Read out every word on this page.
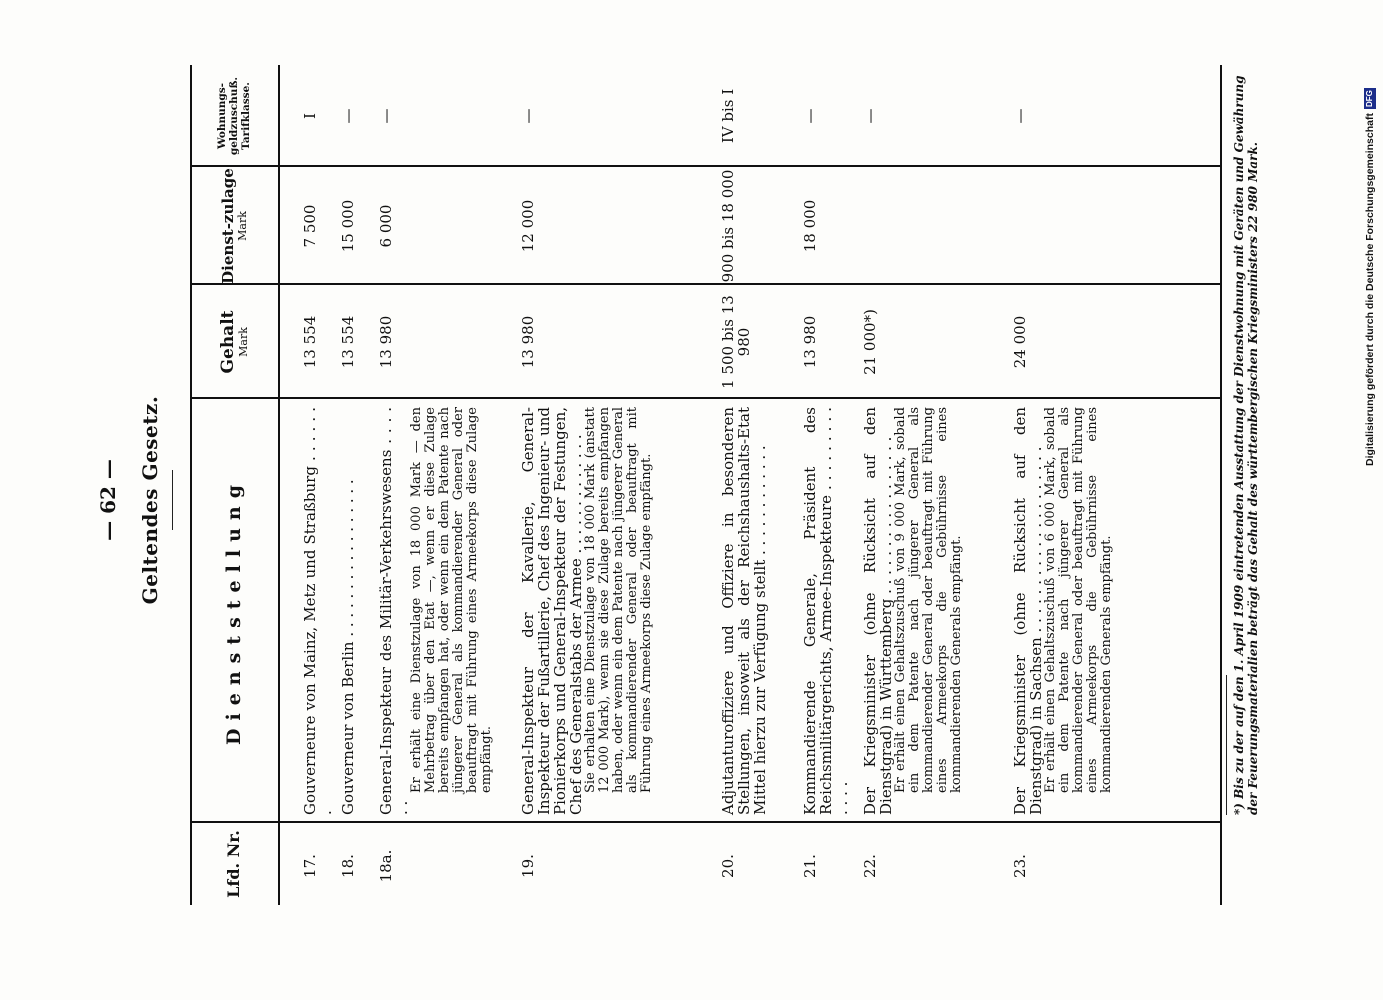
Digitalisierung gefördert durch die Deutsche Forschungsgemeinschaft
DFG
— 62 — Geltendes Gesetz.
Lfd. Nr.
Dienststellung
Gehalt Mark
Dienst-zulage Mark
Wohnungs-geldzuschuß. Tarifklasse.
17.
Gouverneure von Mainz, Metz und Straßburg . . . . . . .
13 554
7 500
I
18.
Gouverneur von Berlin . . . . . . . . . . . . . . . . .
13 554
15 000
—
18a.
General-Inspekteur des Militär-Verkehrswesens . . . . . .
Er erhält eine Dienstzulage von 18 000 Mark — den Mehrbetrag über den Etat —, wenn er diese Zulage bereits empfangen hat, oder wenn ein dem Patente nach jüngerer General als kommandierender General oder beauftragt mit Führung eines Armeekorps diese Zulage empfängt.
13 980
6 000
—
19.
General-Inspekteur der Kavallerie, General-Inspekteur der Fußartillerie, Chef des Ingenieur- und Pionierkorps und General-Inspekteur der Festungen, Chef des Generalstabs der Armee . . . . . . . . . . . . .
Sie erhalten eine Dienstzulage von 18 000 Mark (anstatt 12 000 Mark), wenn sie diese Zulage bereits empfangen haben, oder wenn ein dem Patente nach jüngerer General als kommandierender General oder beauftragt mit Führung eines Armeekorps diese Zulage empfängt.
13 980
12 000
—
20.
Adjutanturoffiziere und Offiziere in besonderen Stellungen, insoweit als der Reichshaushalts-Etat Mittel hierzu zur Verfügung stellt . . . . . . . . . . . .
1 500 bis 13 980
900 bis 18 000
IV bis I
21.
Kommandierende Generale, Präsident des Reichsmilitärgerichts, Armee-Inspekteure . . . . . . . . . . . . .
13 980
18 000
—
22.
Der Kriegsminister (ohne Rücksicht auf den Dienstgrad) in Württemberg . . . . . . . . . . . . . . . . .
Er erhält einen Gehaltszuschuß von 9 000 Mark, sobald ein dem Patente nach jüngerer General als kommandierender General oder beauftragt mit Führung eines Armeekorps die Gebührnisse eines kommandierenden Generals empfängt.
21 000*)
—
23.
Der Kriegsminister (ohne Rücksicht auf den Dienstgrad) in Sachsen . . . . . . . . . . . . . . . . . . . .
Er erhält einen Gehaltszuschuß von 6 000 Mark, sobald ein dem Patente nach jüngerer General als kommandierender General oder beauftragt mit Führung eines Armeekorps die Gebührnisse eines kommandierenden Generals empfängt.
24 000
—	*) Bis zu der auf den 1. April 1909 eintretenden Ausstattung der Dienstwohnung mit Geräten und Gewährung der Feuerungsmaterialien beträgt das Gehalt des württembergischen Kriegsministers 22 980 Mark.
